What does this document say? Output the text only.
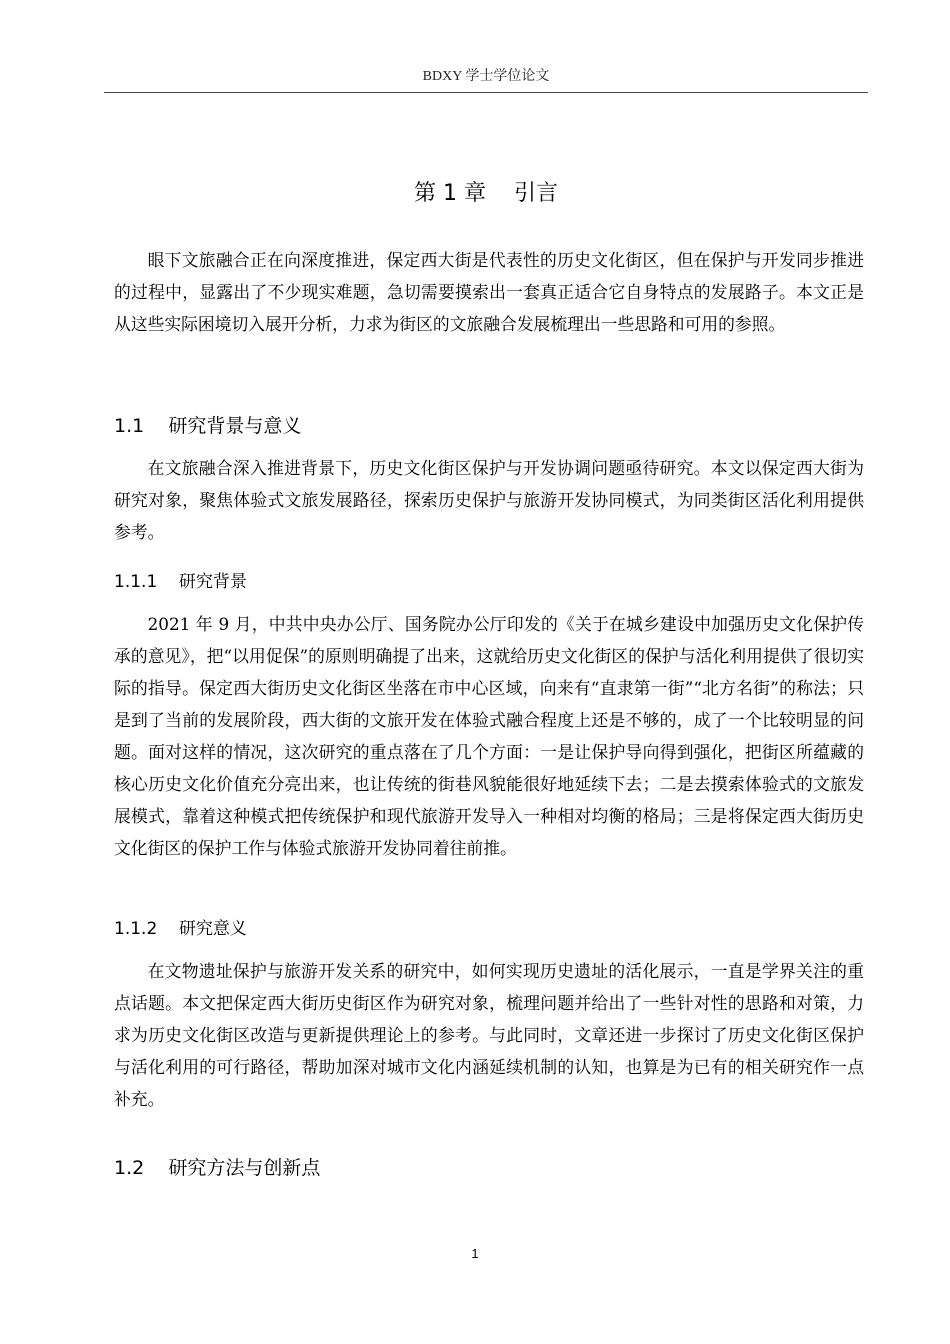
BDXY 学士学位论文
第 1 章    引言

眼下文旅融合正在向深度推进，保定西大街是代表性的历史文化街区，但在保护与开发同步推进的过程中，显露出了不少现实难题，急切需要摸索出一套真正适合它自身特点的发展路子。本文正是从这些实际困境切入展开分析，力求为街区的文旅融合发展梳理出一些思路和可用的参照。

1.1    研究背景与意义

在文旅融合深入推进背景下，历史文化街区保护与开发协调问题亟待研究。本文以保定西大街为研究对象，聚焦体验式文旅发展路径，探索历史保护与旅游开发协同模式，为同类街区活化利用提供参考。

1.1.1    研究背景

2021 年 9 月，中共中央办公厅、国务院办公厅印发的《关于在城乡建设中加强历史文化保护传承的意见》，把“以用促保”的原则明确提了出来，这就给历史文化街区的保护与活化利用提供了很切实际的指导。保定西大街历史文化街区坐落在市中心区域，向来有“直隶第一街”“北方名街”的称法；只是到了当前的发展阶段，西大街的文旅开发在体验式融合程度上还是不够的，成了一个比较明显的问题。面对这样的情况，这次研究的重点落在了几个方面：一是让保护导向得到强化，把街区所蕴藏的核心历史文化价值充分亮出来，也让传统的街巷风貌能很好地延续下去；二是去摸索体验式的文旅发展模式，靠着这种模式把传统保护和现代旅游开发导入一种相对均衡的格局；三是将保定西大街历史文化街区的保护工作与体验式旅游开发协同着往前推。

1.1.2    研究意义

在文物遗址保护与旅游开发关系的研究中，如何实现历史遗址的活化展示，一直是学界关注的重点话题。本文把保定西大街历史街区作为研究对象，梳理问题并给出了一些针对性的思路和对策，力求为历史文化街区改造与更新提供理论上的参考。与此同时，文章还进一步探讨了历史文化街区保护与活化利用的可行路径，帮助加深对城市文化内涵延续机制的认知，也算是为已有的相关研究作一点补充。

1.2    研究方法与创新点
1
